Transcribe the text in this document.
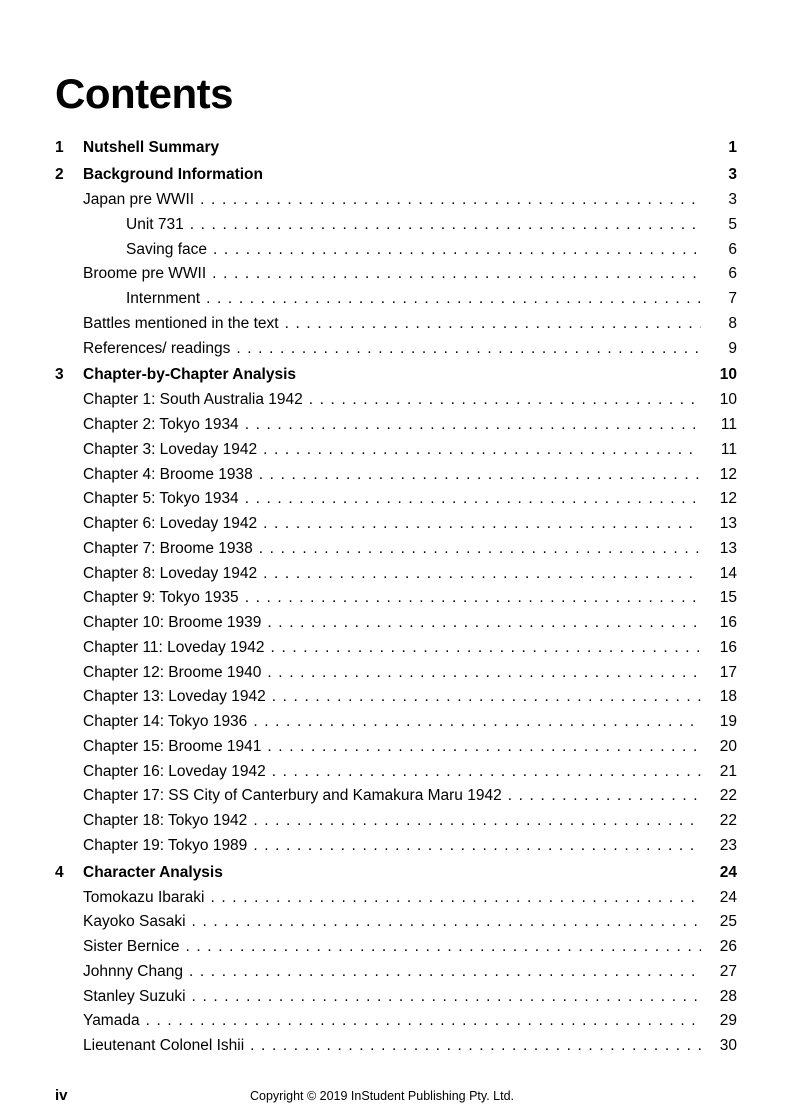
Contents
1	Nutshell Summary	1
2	Background Information	3
Japan pre WWII . . .	3
Unit 731 . . .	5
Saving face . . .	6
Broome pre WWII . . .	6
Internment . . .	7
Battles mentioned in the text . . .	8
References/ readings . . .	9
3	Chapter-by-Chapter Analysis	10
Chapter 1: South Australia 1942 . . .	10
Chapter 2: Tokyo 1934 . . .	11
Chapter 3: Loveday 1942 . . .	11
Chapter 4: Broome 1938 . . .	12
Chapter 5: Tokyo 1934 . . .	12
Chapter 6: Loveday 1942 . . .	13
Chapter 7: Broome 1938 . . .	13
Chapter 8: Loveday 1942 . . .	14
Chapter 9: Tokyo 1935 . . .	15
Chapter 10: Broome 1939 . . .	16
Chapter 11: Loveday 1942 . . .	16
Chapter 12: Broome 1940 . . .	17
Chapter 13: Loveday 1942 . . .	18
Chapter 14: Tokyo 1936 . . .	19
Chapter 15: Broome 1941 . . .	20
Chapter 16: Loveday 1942 . . .	21
Chapter 17: SS City of Canterbury and Kamakura Maru 1942 . . .	22
Chapter 18: Tokyo 1942 . . .	22
Chapter 19: Tokyo 1989 . . .	23
4	Character Analysis	24
Tomokazu Ibaraki . . .	24
Kayoko Sasaki . . .	25
Sister Bernice . . .	26
Johnny Chang . . .	27
Stanley Suzuki . . .	28
Yamada . . .	29
Lieutenant Colonel Ishii . . .	30
iv	Copyright © 2019 InStudent Publishing Pty. Ltd.
